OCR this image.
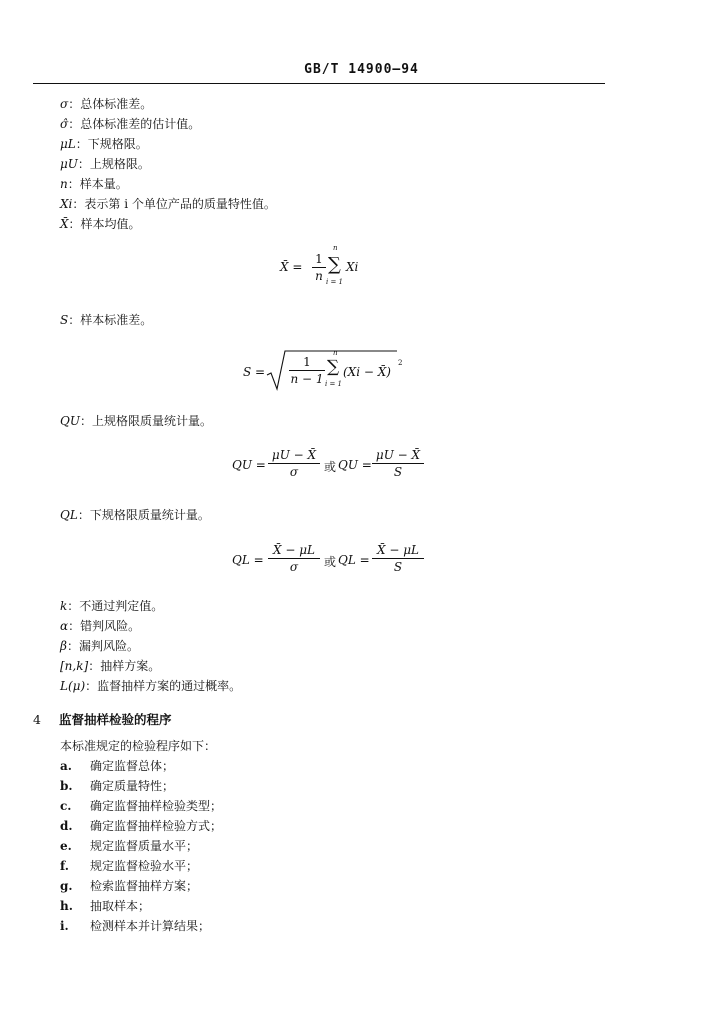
GB/T 14900—94
σ：总体标准差。
σ̂：总体标准差的估计值。
μL：下规格限。
μU：上规格限。
n：样本量。
Xi：表示第 i 个单位产品的质量特性值。
X̄：样本均值。
X̄ = $\frac{1}{n}$
n
∑
i = 1
Xi
S：样本标准差。
$S = \frac{1}{n - 1}$
n
∑
i = 1
(Xi − X̄)
2
QU：上规格限质量统计量。
QU = $\frac{\mu U - X̄}{\sigma}$ 或 QU = $\frac{\mu U - X̄}{S}$
QL：下规格限质量统计量。
QL = $\frac{X̄ - \mu L}{\sigma}$ 或 QL = $\frac{X̄ - \mu L}{S}$
k：不通过判定值。
α：错判风险。
β：漏判风险。
[n,k]：抽样方案。
L(μ)：监督抽样方案的通过概率。
4 监督抽样检验的程序
本标准规定的检验程序如下：
a. 确定监督总体；
b. 确定质量特性；
c. 确定监督抽样检验类型；
d. 确定监督抽样检验方式；
e. 规定监督质量水平；
f. 规定监督检验水平；
g. 检索监督抽样方案；
h. 抽取样本；
i. 检测样本并计算结果；
